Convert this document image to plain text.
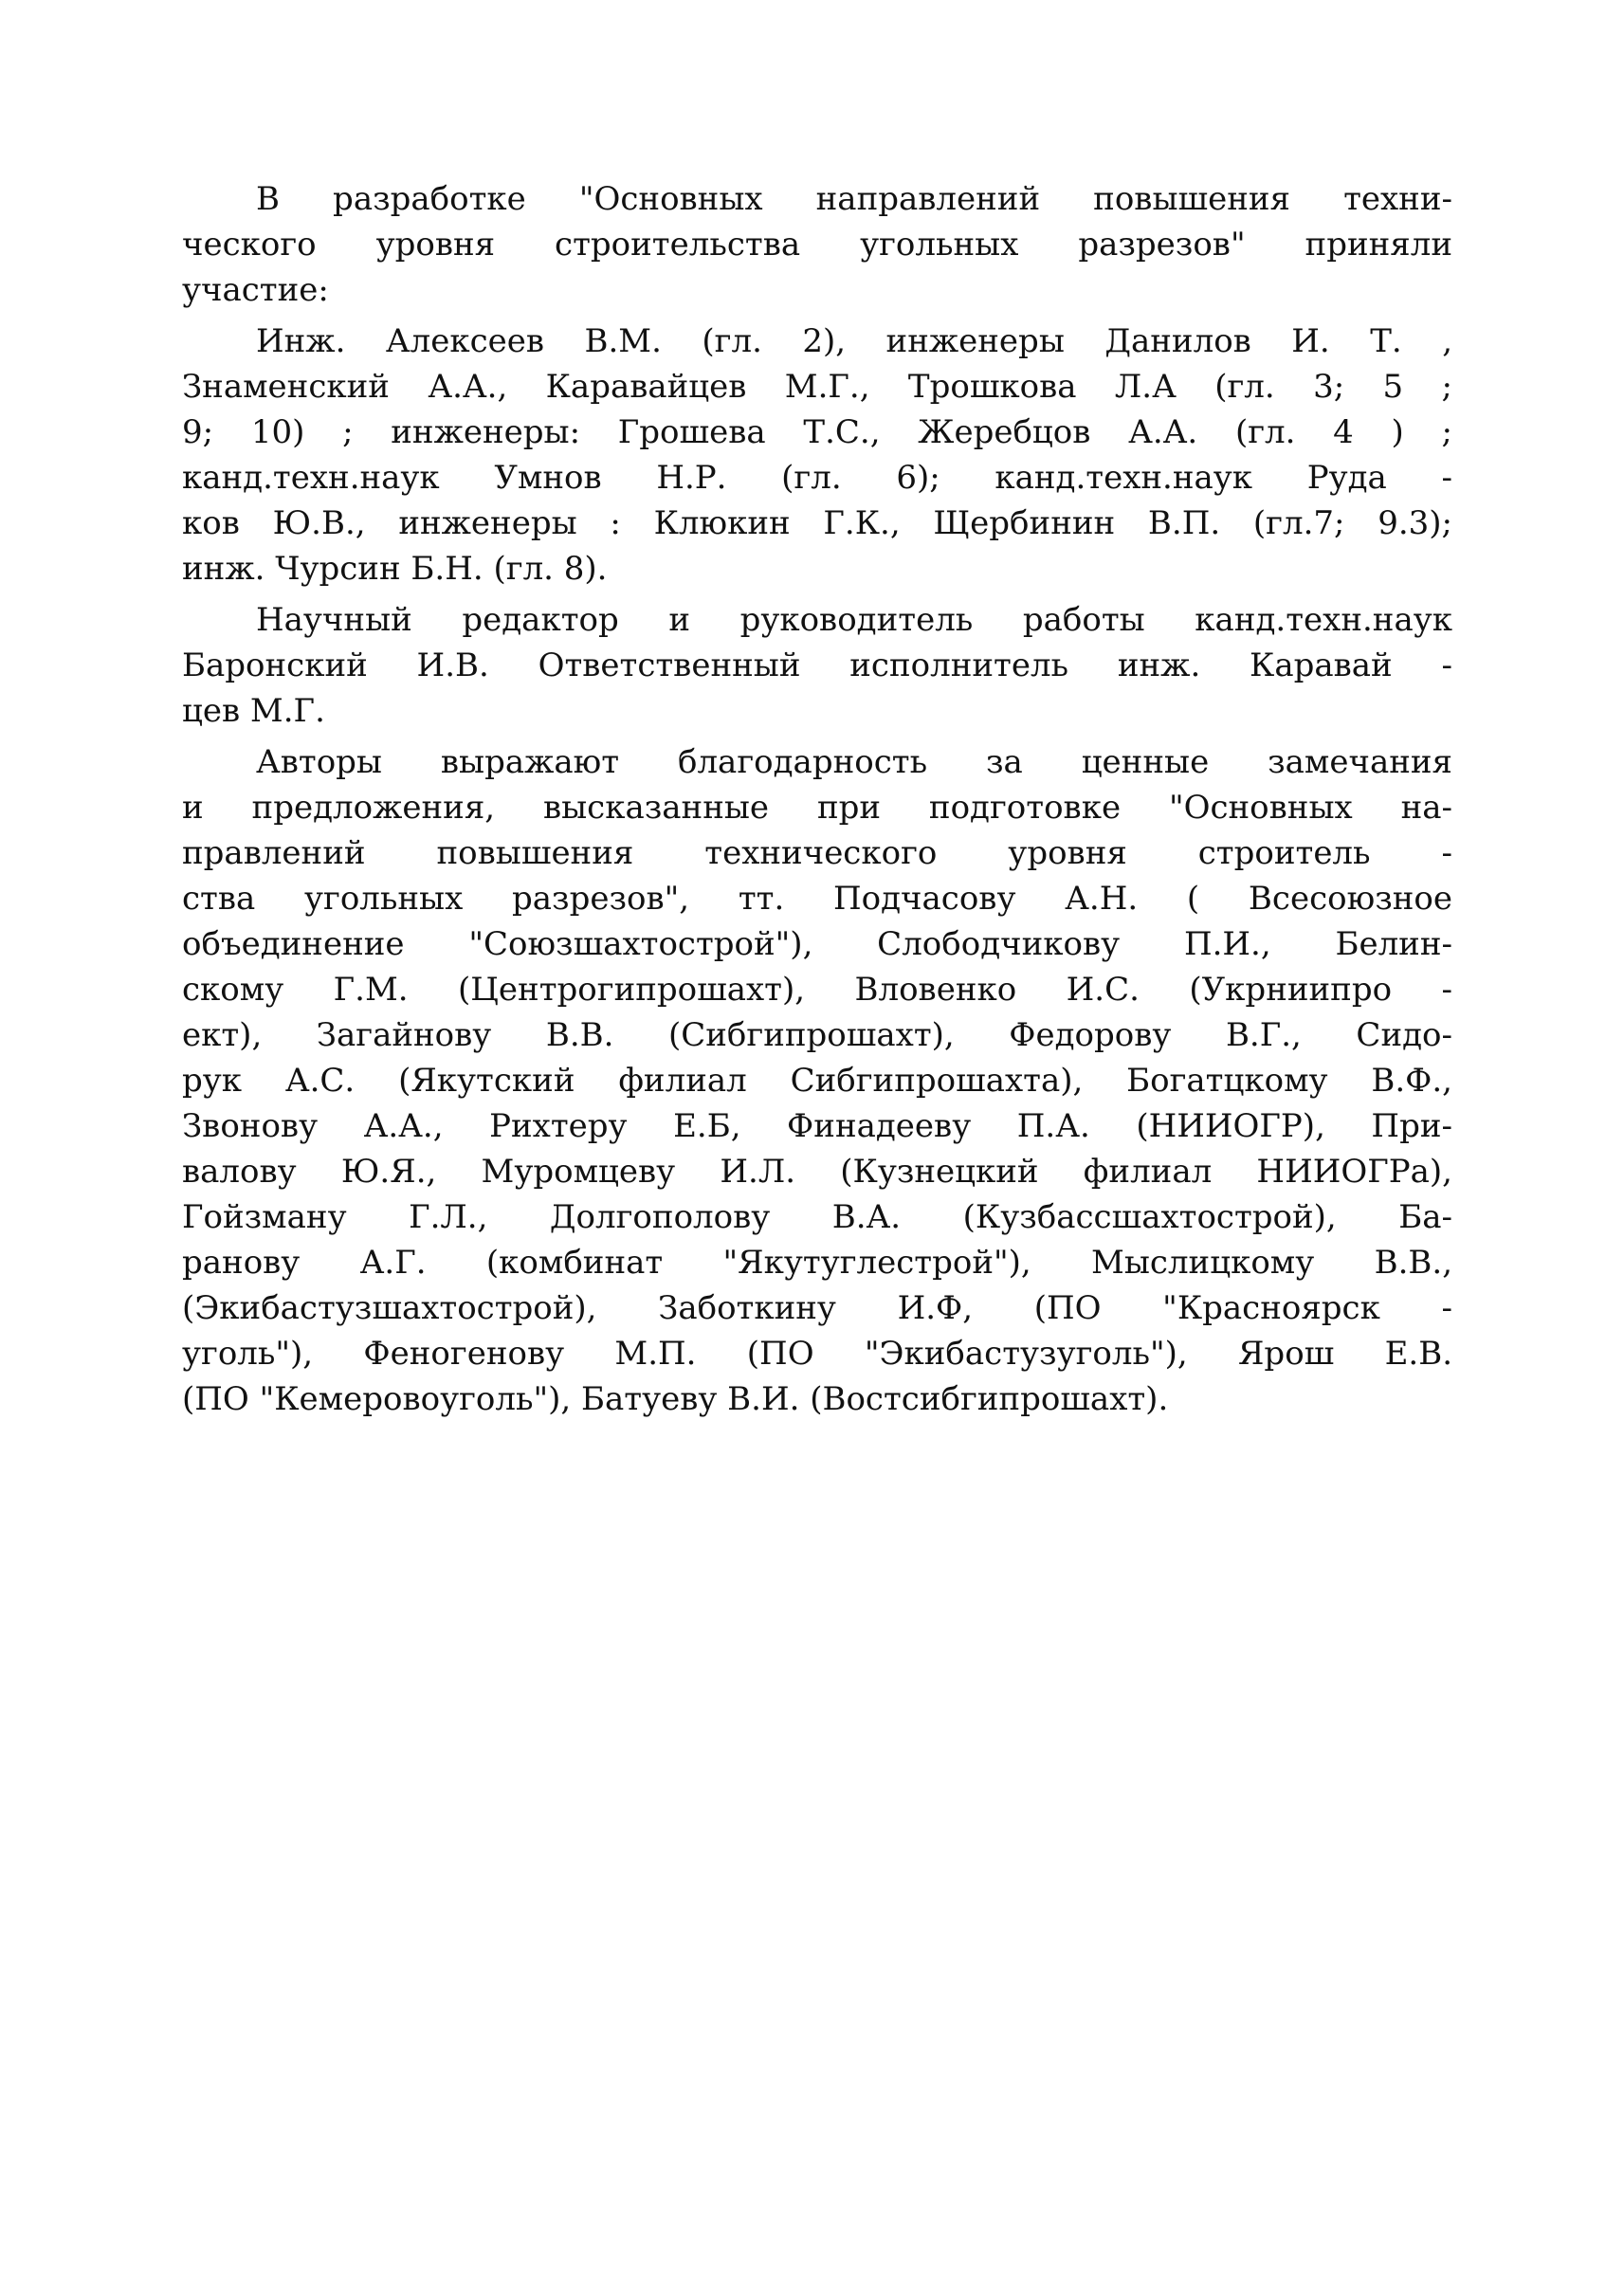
В разработке "Основных направлений повышения техни-
ческого уровня строительства угольных разрезов" приняли
участие:
Инж. Алексеев В.М. (гл. 2), инженеры Данилов И. Т. ,
Знаменский А.А., Каравайцев М.Г., Трошкова Л.А (гл. 3; 5 ;
9; 10) ; инженеры: Грошева Т.С., Жеребцов А.А. (гл. 4 ) ;
канд.техн.наук Умнов Н.Р. (гл. 6); канд.техн.наук Руда -
ков Ю.В., инженеры : Клюкин Г.К., Щербинин В.П. (гл.7; 9.3);
инж. Чурсин Б.Н. (гл. 8).
Научный редактор и руководитель работы канд.техн.наук
Баронский И.В. Ответственный исполнитель инж. Каравай -
цев М.Г.
Авторы выражают благодарность за ценные замечания
и предложения, высказанные при подготовке "Основных на-
правлений повышения технического уровня строитель -
ства угольных разрезов", тт. Подчасову А.Н. ( Всесоюзное
объединение "Союзшахтострой"), Слободчикову П.И., Белин-
скому Г.М. (Центрогипрошахт), Вловенко И.С. (Укрниипро -
ект), Загайнову В.В. (Сибгипрошахт), Федорову В.Г., Сидо-
рук А.С. (Якутский филиал Сибгипрошахта), Богатцкому В.Ф.,
Звонову А.А., Рихтеру Е.Б, Финадееву П.А. (НИИОГР), При-
валову Ю.Я., Муромцеву И.Л. (Кузнецкий филиал НИИОГРа),
Гойзману Г.Л., Долгополову В.А. (Кузбассшахтострой), Ба-
ранову А.Г. (комбинат "Якутуглестрой"), Мыслицкому В.В.,
(Экибастузшахтострой), Заботкину И.Ф, (ПО "Красноярск -
уголь"), Феногенову М.П. (ПО "Экибастузуголь"), Ярош Е.В.
(ПО "Кемеровоуголь"), Батуеву В.И. (Востсибгипрошахт).
